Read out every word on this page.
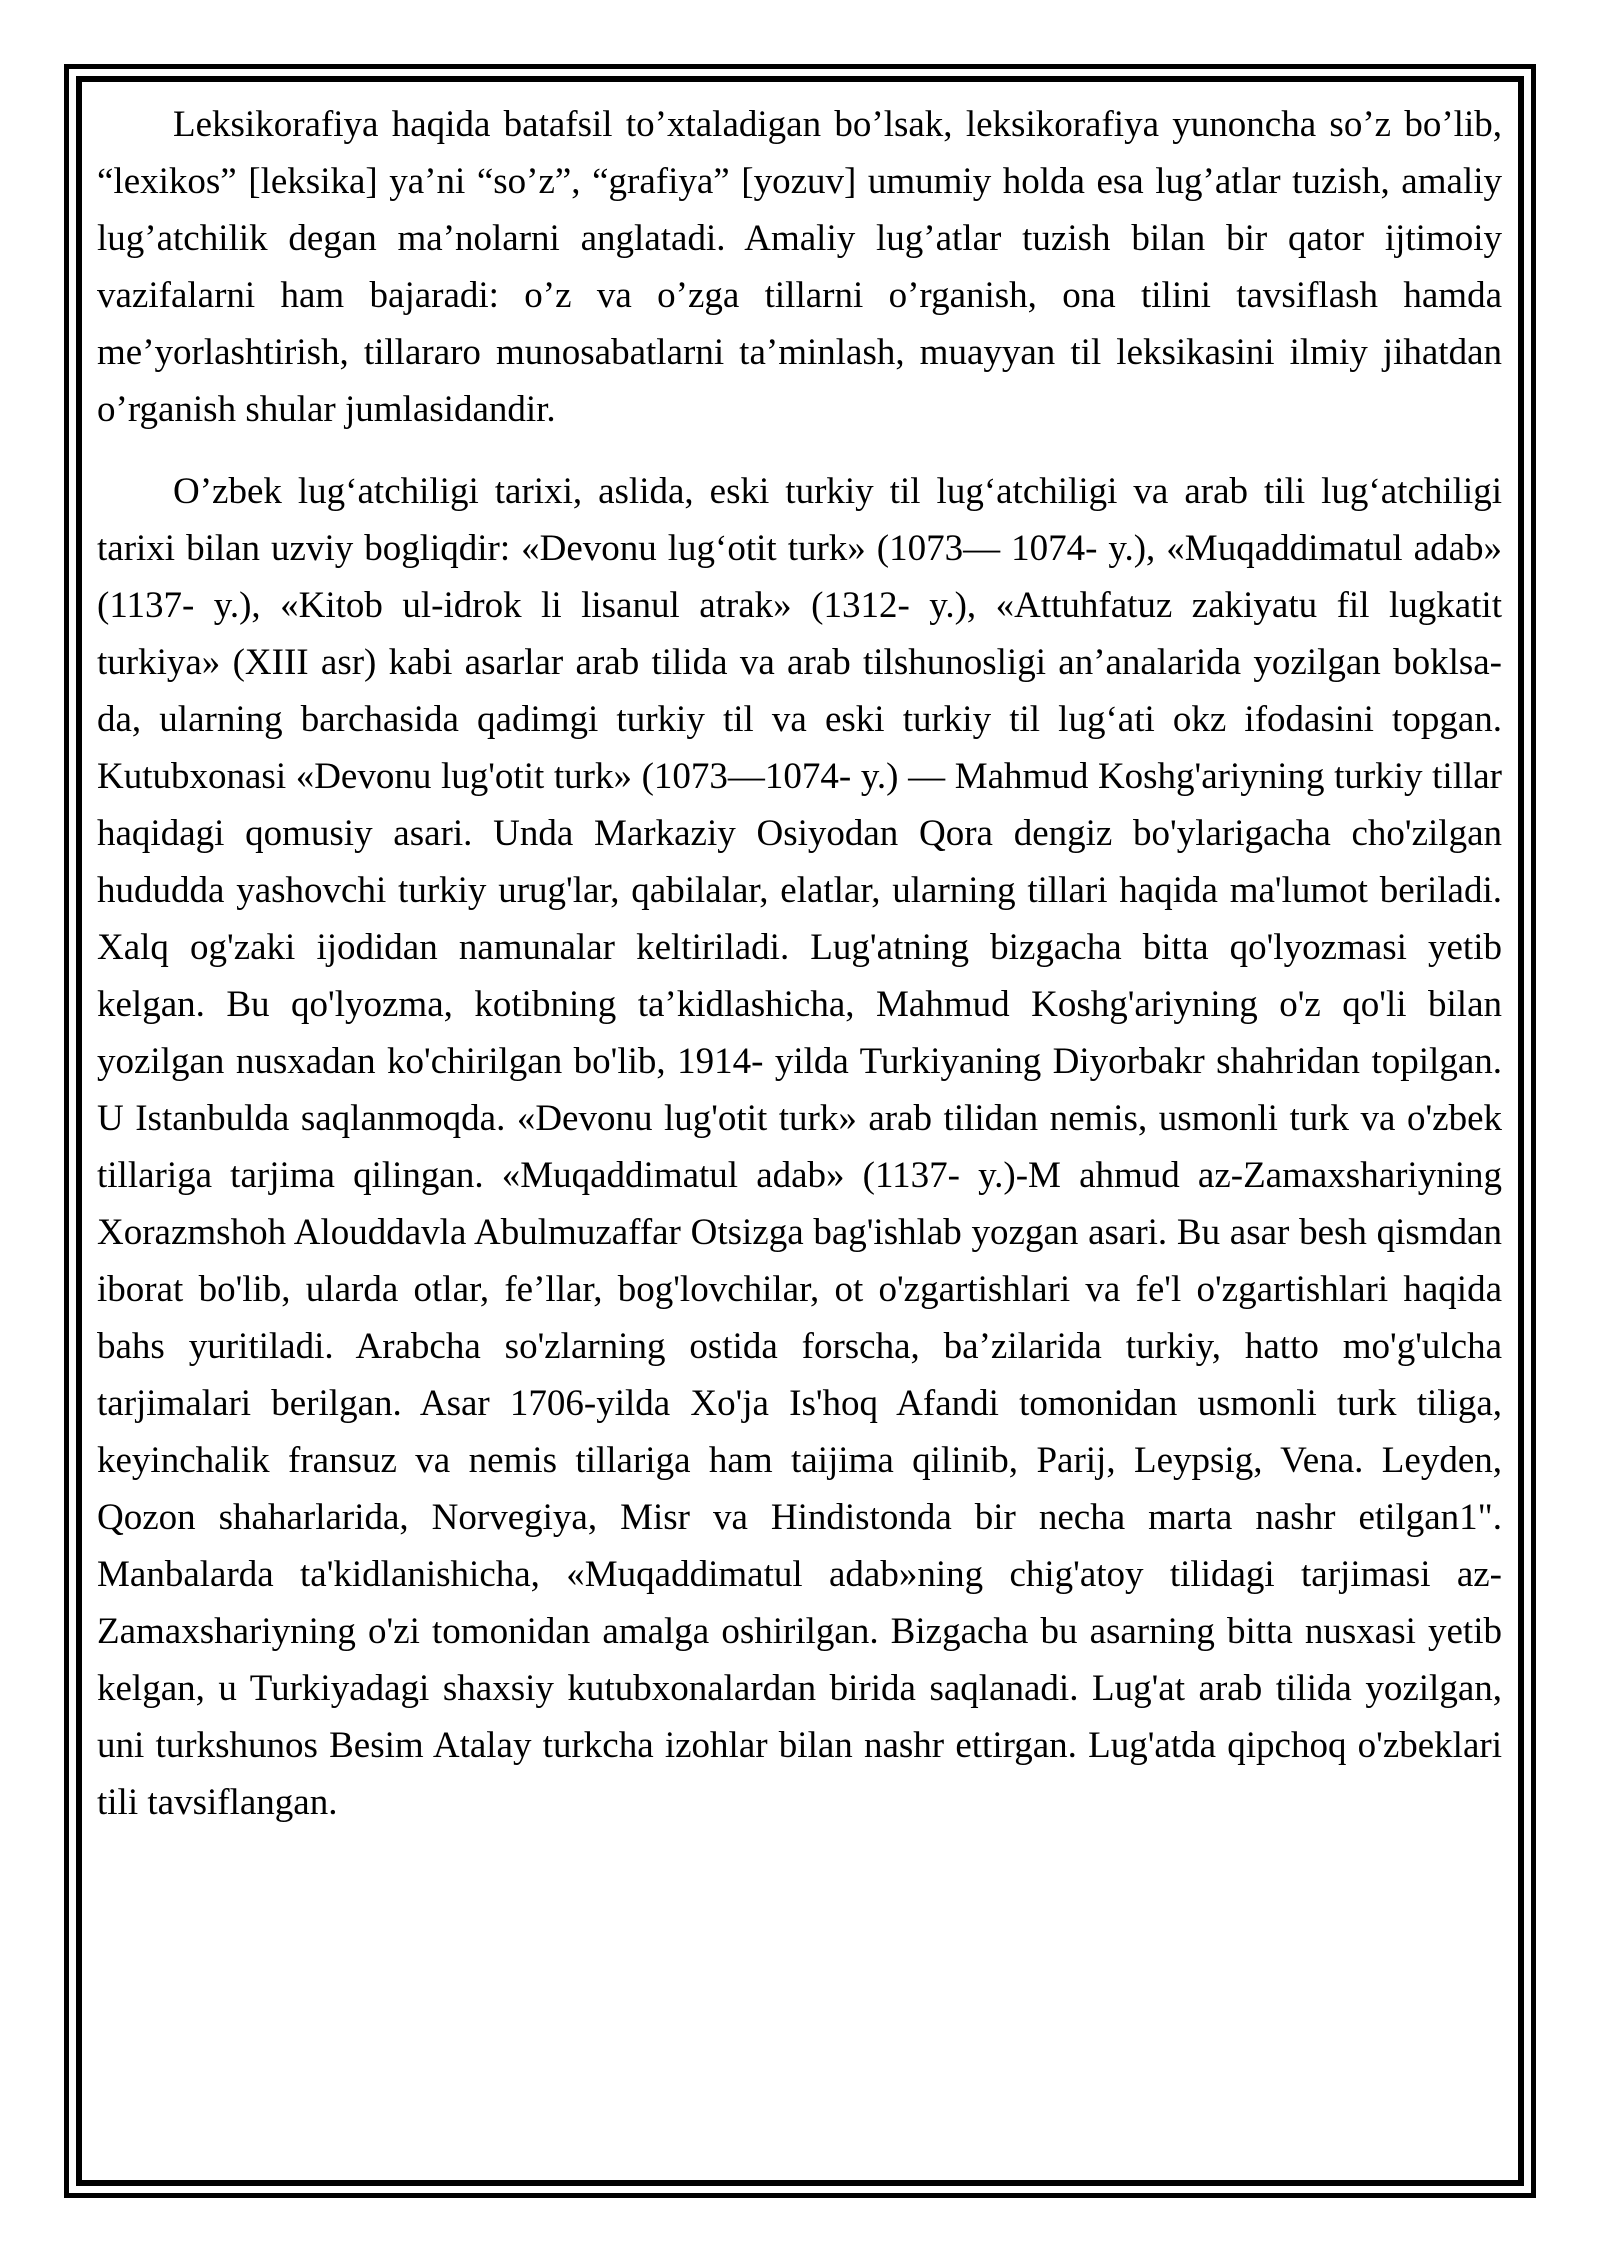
Leksikorafiya haqida batafsil to’xtaladigan bo’lsak, leksikorafiya yunoncha so’z bo’lib, “lexikos” [leksika] ya’ni “so’z”, “grafiya” [yozuv] umumiy holda esa lug’atlar tuzish, amaliy lug’atchilik degan ma’nolarni anglatadi. Amaliy lug’atlar tuzish bilan bir qator ijtimoiy vazifalarni ham bajaradi: o’z va o’zga tillarni o’rganish, ona tilini tavsiflash hamda me’yorlashtirish, tillararo munosabatlarni ta’minlash, muayyan til leksikasini ilmiy jihatdan o’rganish shular jumlasidandir.

O’zbek lug‘atchiligi tarixi, aslida, eski turkiy til lug‘atchiligi va arab tili lug‘atchiligi tarixi bilan uzviy bogliqdir: «Devonu lug‘otit turk» (1073— 1074- y.), «Muqaddimatul adab» (1137- y.), «Kitob ul-idrok li lisanul atrak» (1312- y.), «Attuhfatuz zakiyatu fil lugkatit turkiya» (XIII asr) kabi asarlar arab tilida va arab tilshunosligi an’analarida yozilgan boklsa-da, ularning barchasida qadimgi turkiy til va eski turkiy til lug‘ati okz ifodasini topgan. Kutubxonasi «Devonu lug'otit turk» (1073—1074- y.) — Mahmud Koshg'ariyning turkiy tillar haqidagi qomusiy asari. Unda Markaziy Osiyodan Qora dengiz bo'ylarigacha cho'zilgan hududda yashovchi turkiy urug'lar, qabilalar, elatlar, ularning tillari haqida ma'lumot beriladi. Xalq og'zaki ijodidan namunalar keltiriladi. Lug'atning bizgacha bitta qo'lyozmasi yetib kelgan. Bu qo'lyozma, kotibning ta’kidlashicha, Mahmud Koshg'ariyning o'z qo'li bilan yozilgan nusxadan ko'chirilgan bo'lib, 1914- yilda Turkiyaning Diyorbakr shahridan topilgan. U Istanbulda saqlanmoqda. «Devonu lug'otit turk» arab tilidan nemis, usmonli turk va o'zbek tillariga tarjima qilingan. «Muqaddimatul adab» (1137- y.)-M ahmud az-Zamaxshariyning Xorazmshoh Alouddavla Abulmuzaffar Otsizga bag'ishlab yozgan asari. Bu asar besh qismdan iborat bo'lib, ularda otlar, fe’llar, bog'lovchilar, ot o'zgartishlari va fe'l o'zgartishlari haqida bahs yuritiladi. Arabcha so'zlarning ostida forscha, ba’zilarida turkiy, hatto mo'g'ulcha tarjimalari berilgan. Asar 1706-yilda Xo'ja Is'hoq Afandi tomonidan usmonli turk tiliga, keyinchalik fransuz va nemis tillariga ham taijima qilinib, Parij, Leypsig, Vena. Leyden, Qozon shaharlarida, Norvegiya, Misr va Hindistonda bir necha marta nashr etilgan1". Manbalarda ta'kidlanishicha, «Muqaddimatul adab»ning chig'atoy tilidagi tarjimasi az-Zamaxshariyning o'zi tomonidan amalga oshirilgan. Bizgacha bu asarning bitta nusxasi yetib kelgan, u Turkiyadagi shaxsiy kutubxonalardan birida saqlanadi. Lug'at arab tilida yozilgan, uni turkshunos Besim Atalay turkcha izohlar bilan nashr ettirgan. Lug'atda qipchoq o'zbeklari tili tavsiflangan.
